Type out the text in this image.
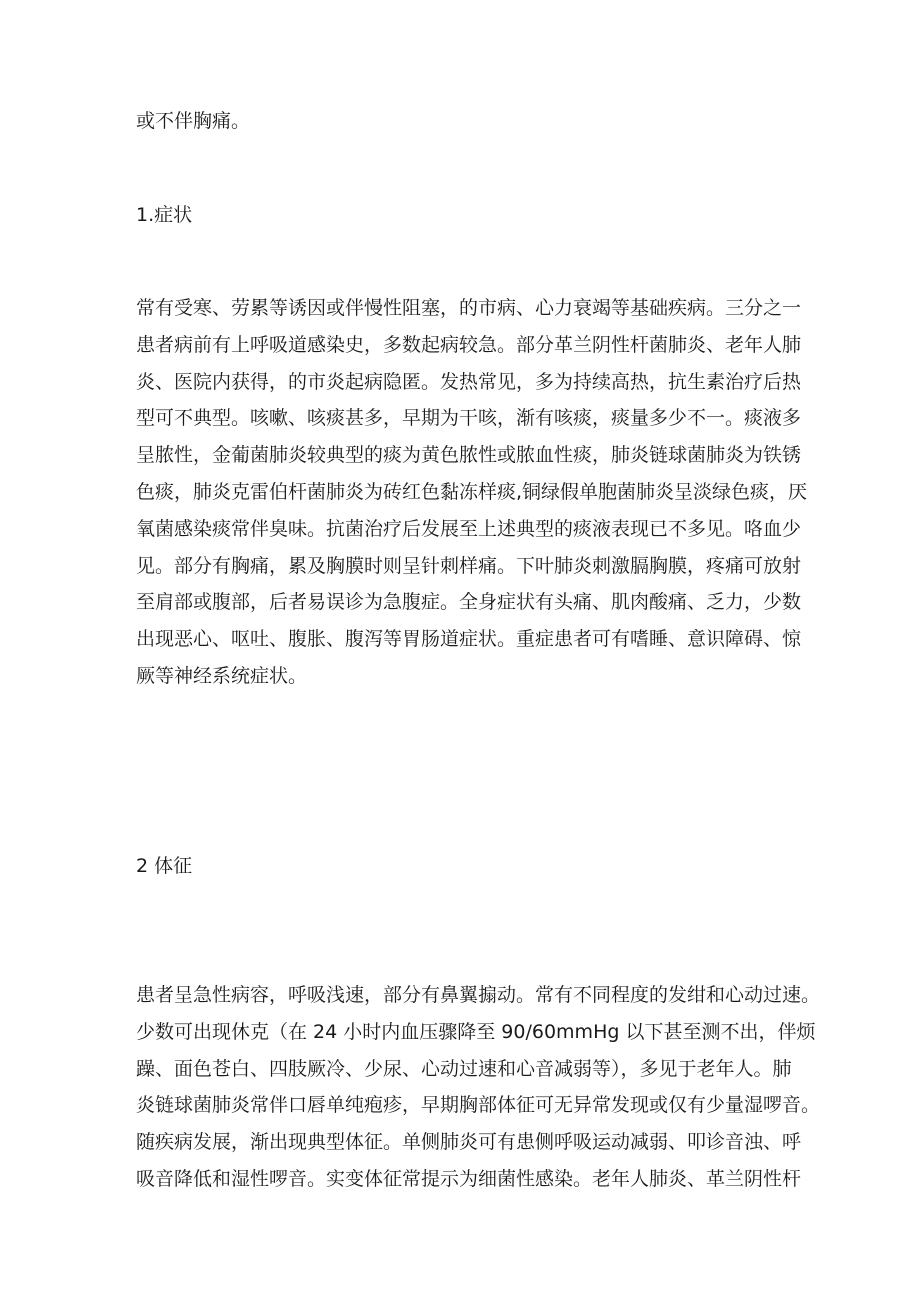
或不伴胸痛。

1.症状

常有受寒、劳累等诱因或伴慢性阻塞，的市病、心力衰竭等基础疾病。三分之一
患者病前有上呼吸道感染史，多数起病较急。部分革兰阴性杆菌肺炎、老年人肺
炎、医院内获得，的市炎起病隐匿。发热常见，多为持续高热，抗生素治疗后热
型可不典型。咳嗽、咳痰甚多，早期为干咳，渐有咳痰，痰量多少不一。痰液多
呈脓性，金葡菌肺炎较典型的痰为黄色脓性或脓血性痰，肺炎链球菌肺炎为铁锈
色痰，肺炎克雷伯杆菌肺炎为砖红色黏冻样痰,铜绿假单胞菌肺炎呈淡绿色痰，厌
氧菌感染痰常伴臭味。抗菌治疗后发展至上述典型的痰液表现已不多见。咯血少
见。部分有胸痛，累及胸膜时则呈针刺样痛。下叶肺炎刺激膈胸膜，疼痛可放射
至肩部或腹部，后者易误诊为急腹症。全身症状有头痛、肌肉酸痛、乏力，少数
出现恶心、呕吐、腹胀、腹泻等胃肠道症状。重症患者可有嗜睡、意识障碍、惊
厥等神经系统症状。

2 体征

患者呈急性病容，呼吸浅速，部分有鼻翼搧动。常有不同程度的发绀和心动过速。
少数可出现休克（在 24 小时内血压骤降至 90/60mmHg 以下甚至测不出，伴烦
躁、面色苍白、四肢厥冷、少尿、心动过速和心音减弱等），多见于老年人。肺
炎链球菌肺炎常伴口唇单纯疱疹，早期胸部体征可无异常发现或仅有少量湿啰音。
随疾病发展，渐出现典型体征。单侧肺炎可有患侧呼吸运动减弱、叩诊音浊、呼
吸音降低和湿性啰音。实变体征常提示为细菌性感染。老年人肺炎、革兰阴性杆
